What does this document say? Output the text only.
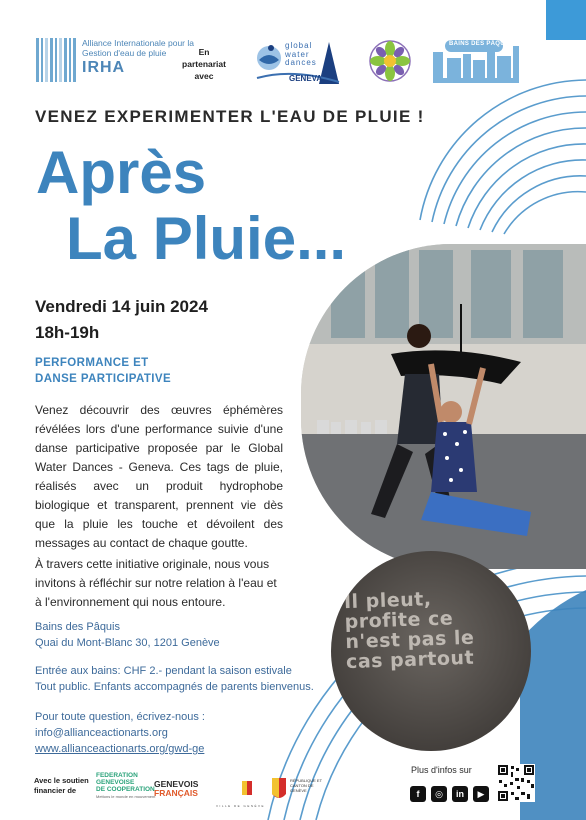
Alliance Internationale pour la Gestion d'eau de pluie
IRHA
En partenariat avec
global
water
dances
GENEVA
BAINS DES PÂQUIS
VENEZ EXPERIMENTER L'EAU DE PLUIE !
Après
La Pluie...
Vendredi 14 juin 2024
18h-19h
PERFORMANCE ET
DANSE PARTICIPATIVE

Venez découvrir des œuvres éphémères révélées lors d'une performance suivie d'une danse participative proposée par le Global Water Dances - Geneva. Ces tags de pluie, réalisés avec un produit hydrophobe biologique et transparent, prennent vie dès que la pluie les touche et dévoilent des messages au contact de chaque goutte.

À travers cette initiative originale, nous vous invitons à réfléchir sur notre relation à l'eau et à l'environnement qui nous entoure.

Bains des Pâquis
Quai du Mont-Blanc 30, 1201 Genève
Entrée aux bains: CHF 2.- pendant la saison estivale
Tout public. Enfants accompagnés de parents bienvenus.
Pour toute question, écrivez-nous :
info@allianceactionarts.org
www.allianceactionarts.org/gwd-ge
Il pleut,
profite ce
n'est pas le
cas partout
Avec le soutien financier de
FEDERATION
GENEVOISE
DE COOPERATION
Mettons le monde en mouvement
GENEVOIS
FRANÇAIS
VILLE DE GENÈVE
RÉPUBLIQUE ET CANTON DE GENÈVE
Plus d'infos sur
f	◎	in	▶
